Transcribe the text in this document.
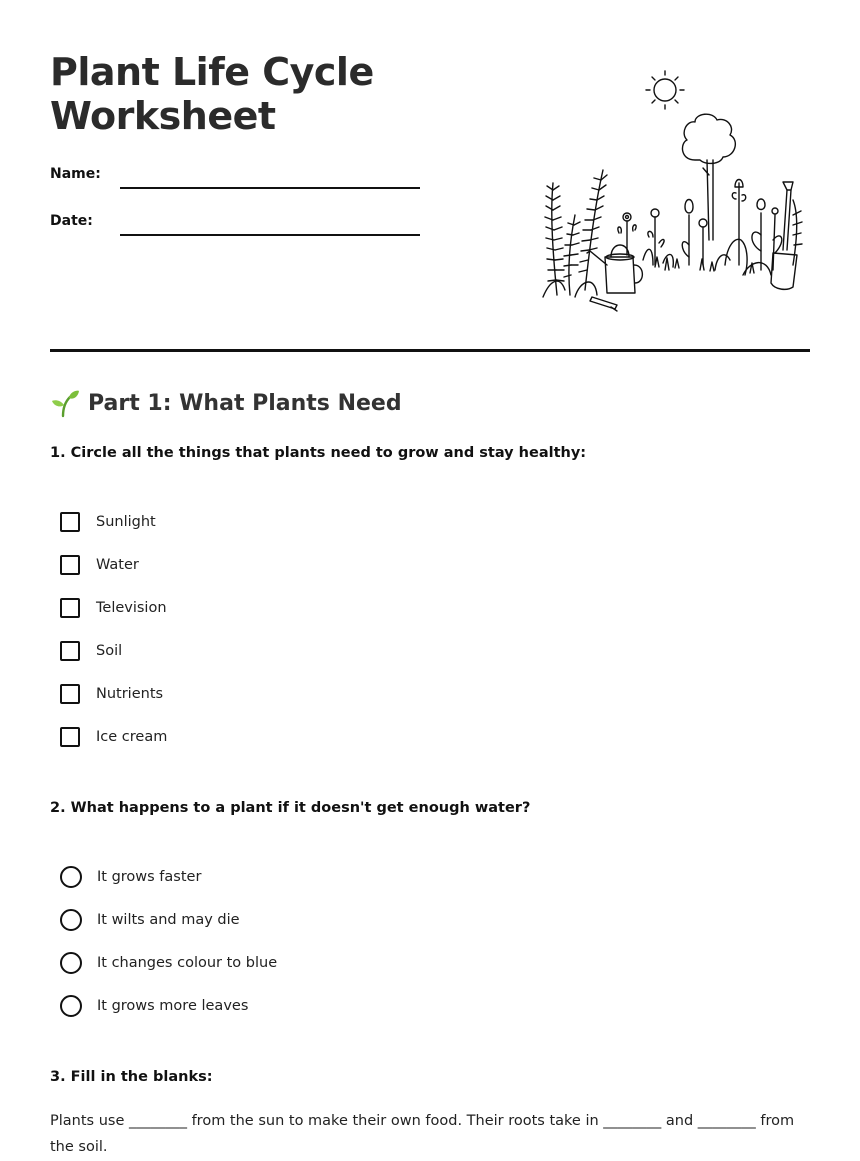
Plant Life Cycle Worksheet
Name:
Date:
Part 1: What Plants Need
1. Circle all the things that plants need to grow and stay healthy:
Sunlight
Water
Television
Soil
Nutrients
Ice cream
2. What happens to a plant if it doesn't get enough water?
It grows faster
It wilts and may die
It changes colour to blue
It grows more leaves
3. Fill in the blanks:
Plants use ________ from the sun to make their own food. Their roots take in ________ and ________ from the soil.
